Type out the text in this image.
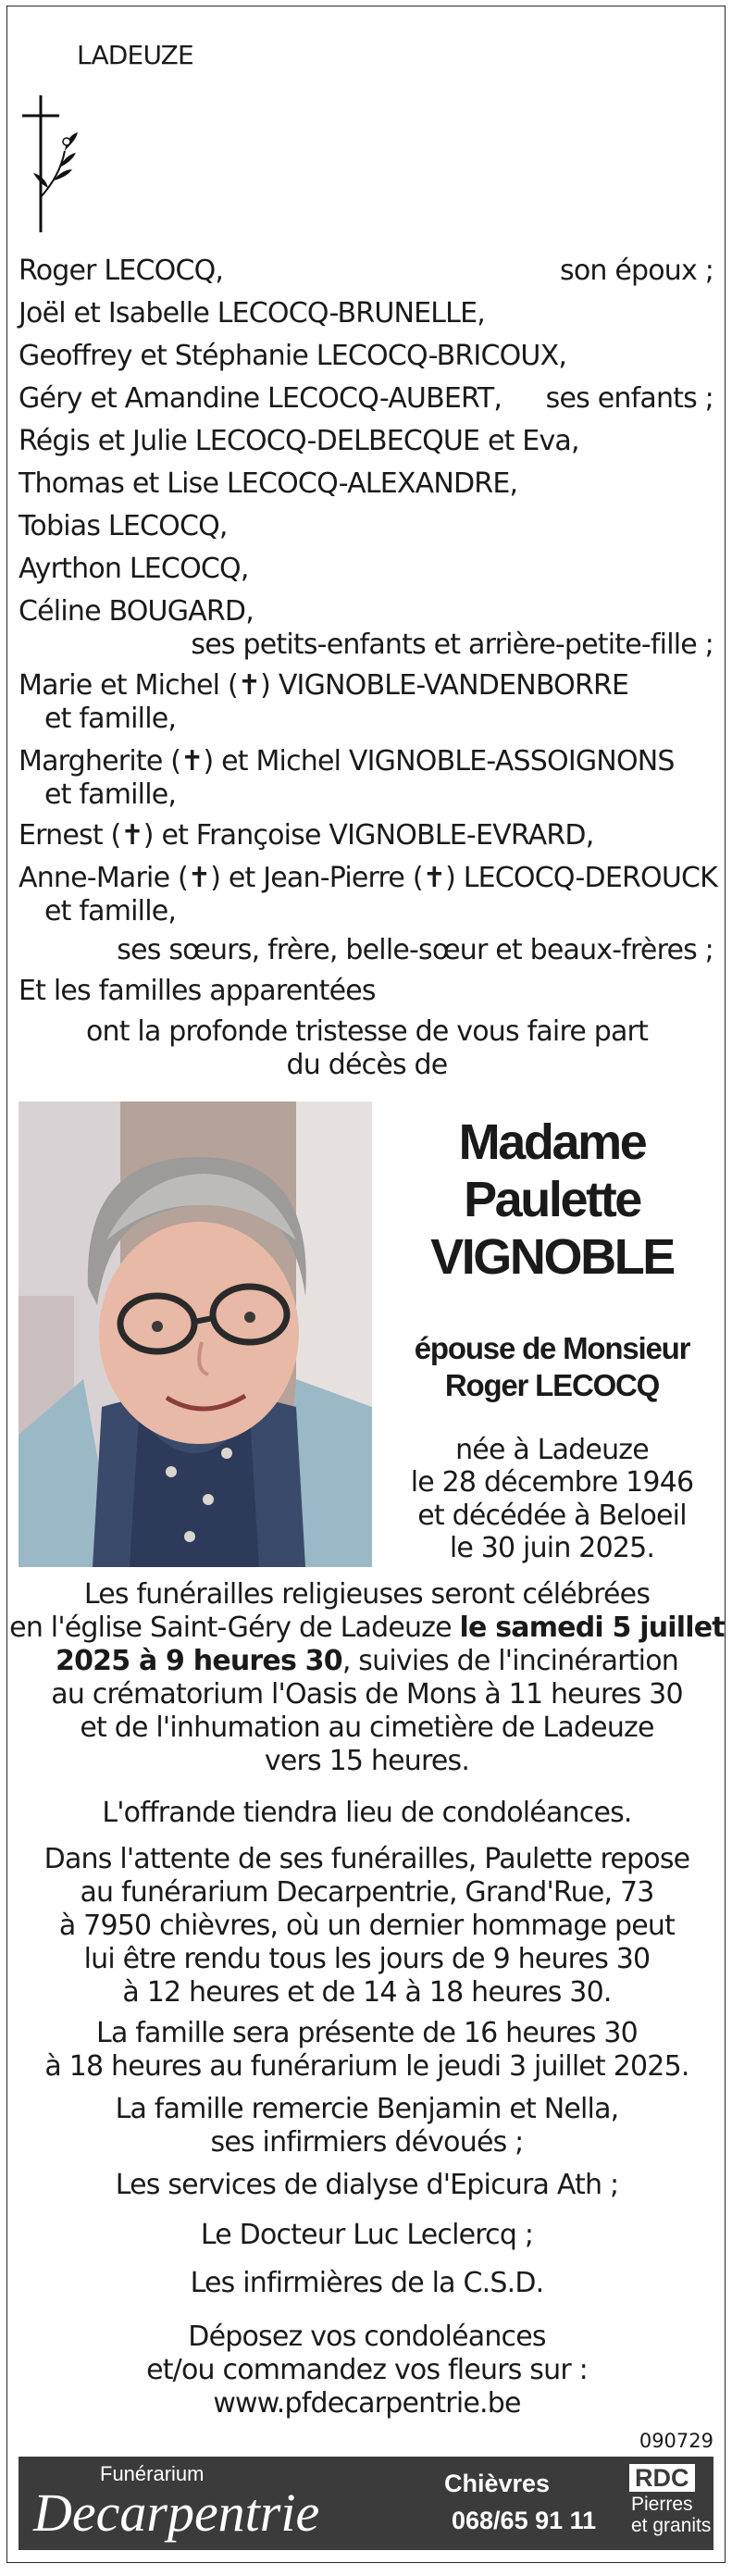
LADEUZE
Roger LECOCQ,	son époux ;
Joël et Isabelle LECOCQ-BRUNELLE,
Geoffrey et Stéphanie LECOCQ-BRICOUX,
Géry et Amandine LECOCQ-AUBERT, ses enfants ;
Régis et Julie LECOCQ-DELBECQUE et Eva,
Thomas et Lise LECOCQ-ALEXANDRE,
Tobias LECOCQ,
Ayrthon LECOCQ,
Céline BOUGARD,
ses petits-enfants et arrière-petite-fille ;
Marie et Michel (✝) VIGNOBLE-VANDENBORRE
et famille,
Margherite (✝) et Michel VIGNOBLE-ASSOIGNONS
et famille,
Ernest (✝) et Françoise VIGNOBLE-EVRARD,
Anne-Marie (✝) et Jean-Pierre (✝) LECOCQ-DEROUCK
et famille,
ses sœurs, frère, belle-sœur et beaux-frères ;
Et les familles apparentées
ont la profonde tristesse de vous faire part
du décès de
Madame
Paulette
VIGNOBLE
épouse de Monsieur
Roger LECOCQ
née à Ladeuze
le 28 décembre 1946
et décédée à Beloeil
le 30 juin 2025.

Les funérailles religieuses seront célébrées

en l'église Saint-Géry de Ladeuze le samedi 5 juillet

2025 à 9 heures 30, suivies de l'incinérartion

au crématorium l'Oasis de Mons à 11 heures 30

et de l'inhumation au cimetière de Ladeuze

vers 15 heures.

L'offrande tiendra lieu de condoléances.

Dans l'attente de ses funérailles, Paulette repose

au funérarium Decarpentrie, Grand'Rue, 73

à 7950 chièvres, où un dernier hommage peut

lui être rendu tous les jours de 9 heures 30

à 12 heures et de 14 à 18 heures 30.

La famille sera présente de 16 heures 30

à 18 heures au funérarium le jeudi 3 juillet 2025.

La famille remercie Benjamin et Nella,

ses infirmiers dévoués ;

Les services de dialyse d'Epicura Ath ;

Le Docteur Luc Leclercq ;

Les infirmières de la C.S.D.

Déposez vos condoléances

et/ou commandez vos fleurs sur :

www.pfdecarpentrie.be

090729
Funérarium
Decarpentrie	Chièvres
068/65 91 11
RDC
Pierres
et granits
